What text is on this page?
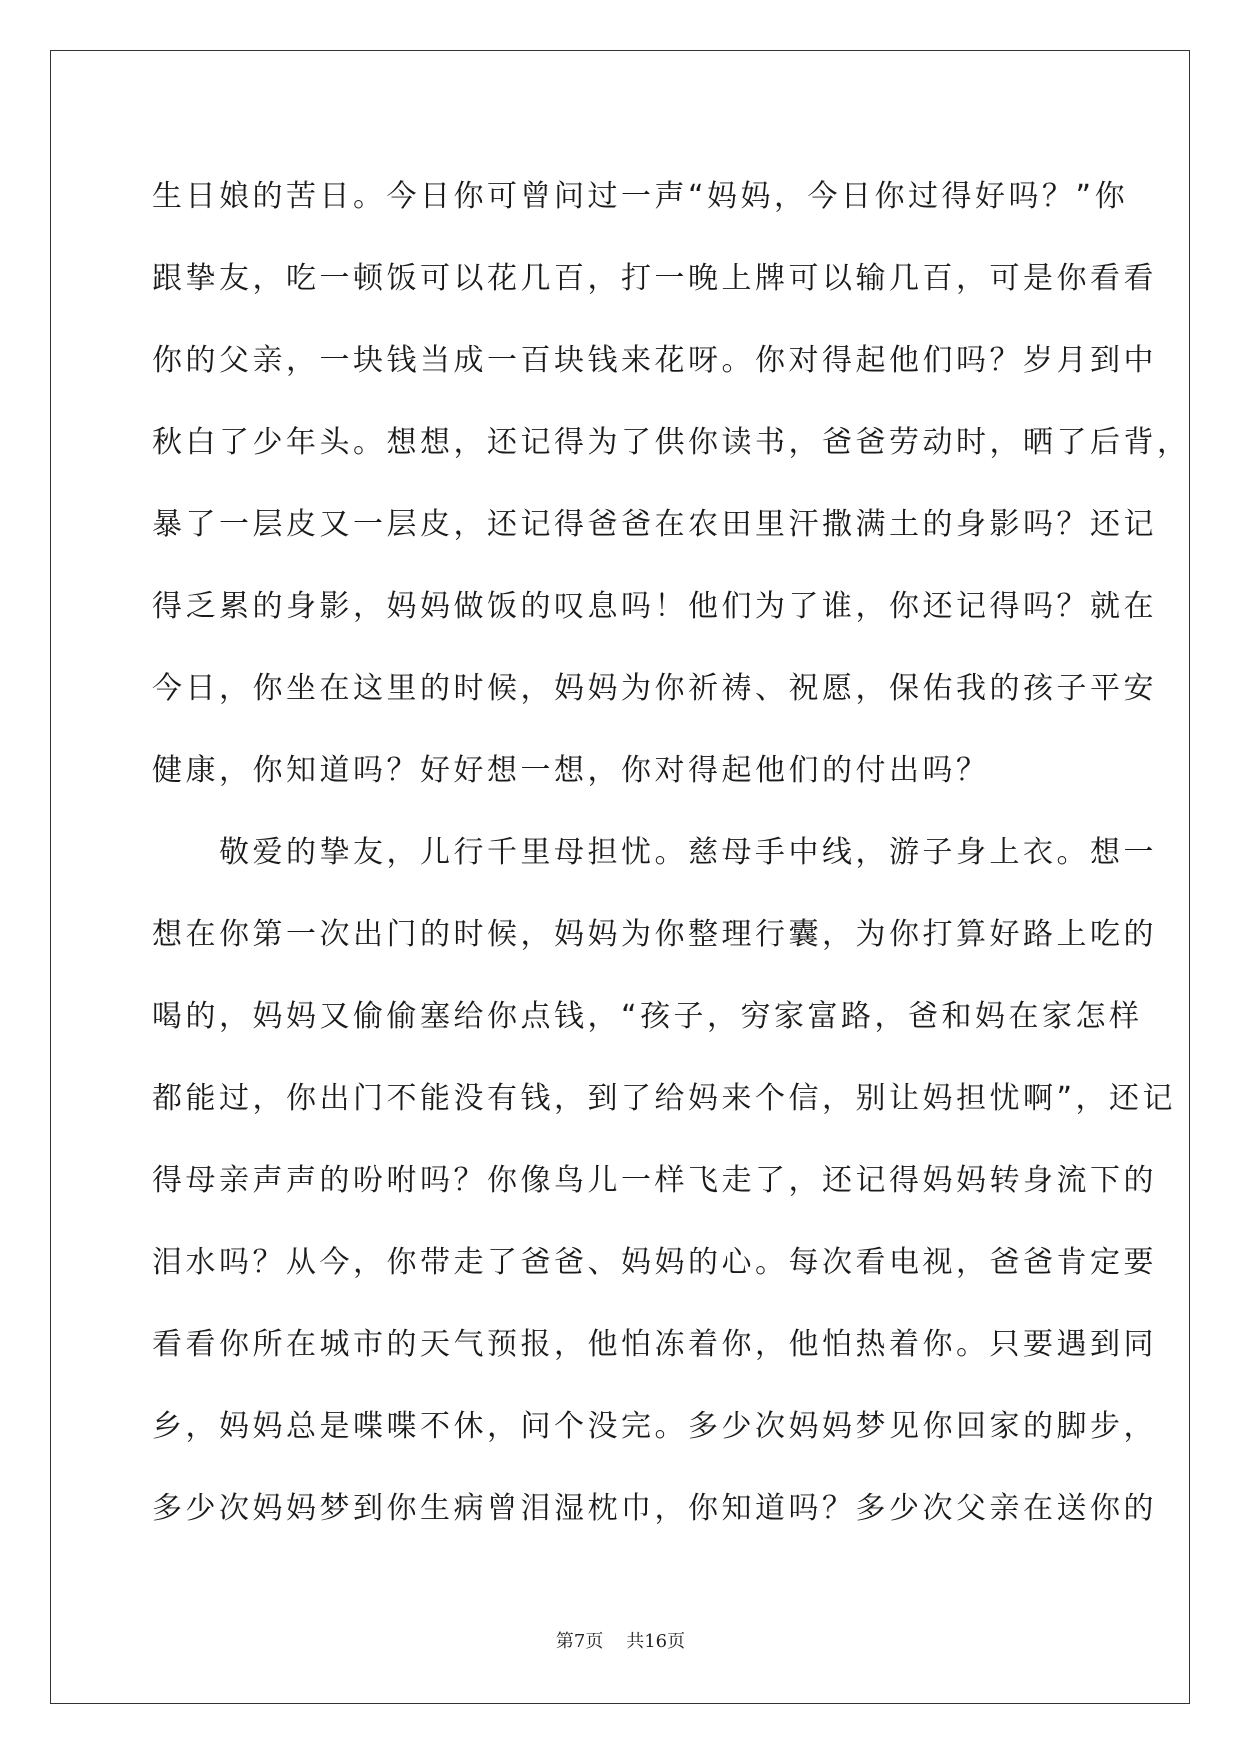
生日娘的苦日。今日你可曾问过一声“妈妈，今日你过得好吗？”你
跟挚友，吃一顿饭可以花几百，打一晚上牌可以输几百，可是你看看
你的父亲，一块钱当成一百块钱来花呀。你对得起他们吗？岁月到中
秋白了少年头。想想，还记得为了供你读书，爸爸劳动时，晒了后背，
暴了一层皮又一层皮，还记得爸爸在农田里汗撒满土的身影吗？还记
得乏累的身影，妈妈做饭的叹息吗！他们为了谁，你还记得吗？就在
今日，你坐在这里的时候，妈妈为你祈祷、祝愿，保佑我的孩子平安
健康，你知道吗？好好想一想，你对得起他们的付出吗？
　　敬爱的挚友，儿行千里母担忧。慈母手中线，游子身上衣。想一
想在你第一次出门的时候，妈妈为你整理行囊，为你打算好路上吃的
喝的，妈妈又偷偷塞给你点钱，“孩子，穷家富路，爸和妈在家怎样
都能过，你出门不能没有钱，到了给妈来个信，别让妈担忧啊”，还记
得母亲声声的吩咐吗？你像鸟儿一样飞走了，还记得妈妈转身流下的
泪水吗？从今，你带走了爸爸、妈妈的心。每次看电视，爸爸肯定要
看看你所在城市的天气预报，他怕冻着你，他怕热着你。只要遇到同
乡，妈妈总是喋喋不休，问个没完。多少次妈妈梦见你回家的脚步，
多少次妈妈梦到你生病曾泪湿枕巾，你知道吗？多少次父亲在送你的
第7页 共16页
